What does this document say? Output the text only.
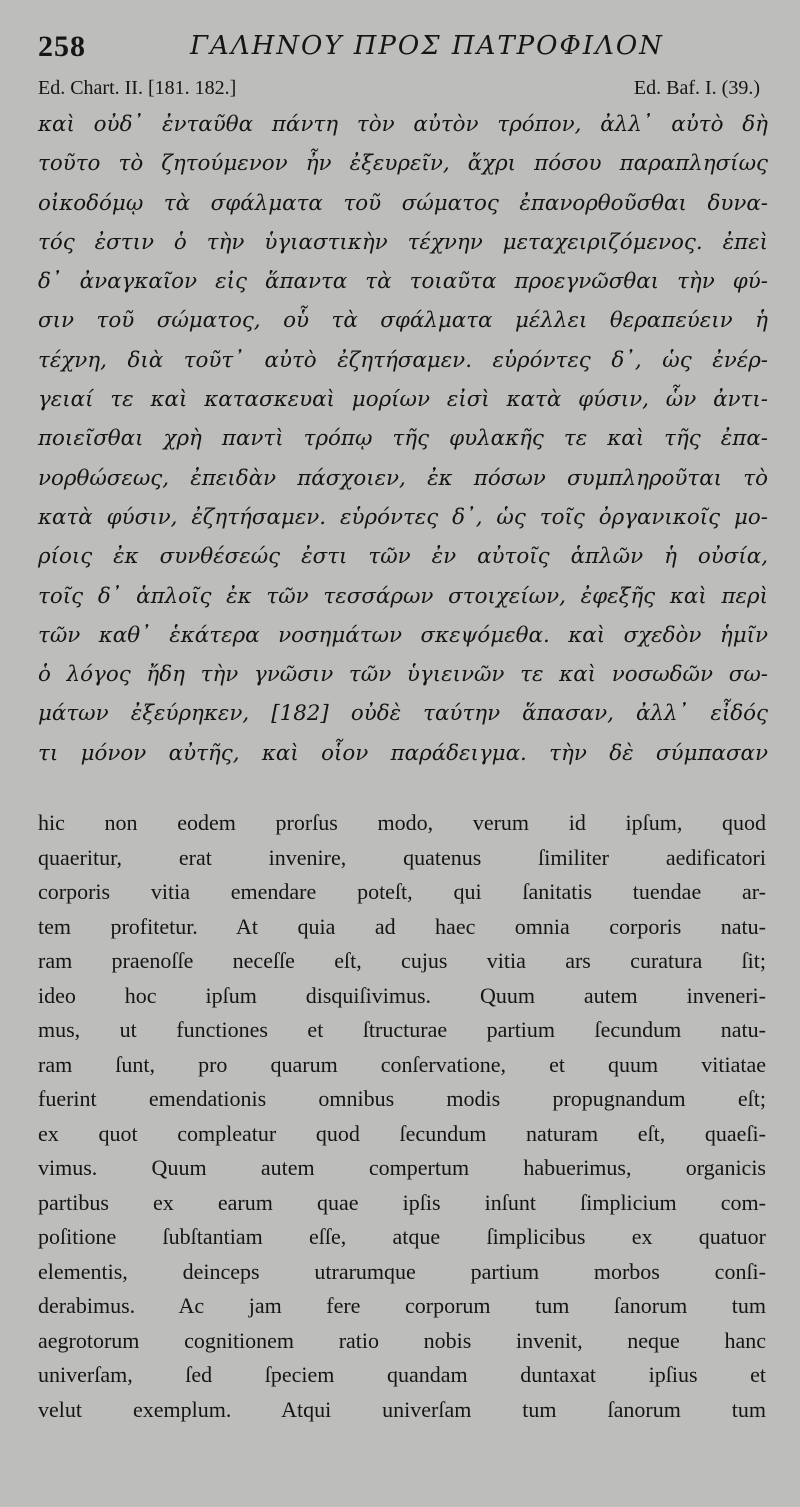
258	ΓΑΛΗΝΟΥ ΠΡΟΣ ΠΑΤΡΟΦΙΛΟΝ
Ed. Chart. II. [181. 182.]	Ed. Baf. I. (39.)
καὶ οὐδ᾽ ἐνταῦθα πάντη τὸν αὐτὸν τρόπον, ἀλλ᾽ αὐτὸ δὴ
τοῦτο τὸ ζητούμενον ἦν ἐξευρεῖν, ἄχρι πόσου παραπλησίως
οἰκοδόμῳ τὰ σφάλματα τοῦ σώματος ἐπανορθοῦσθαι δυνα-
τός ἐστιν ὁ τὴν ὑγιαστικὴν τέχνην μεταχειριζόμενος. ἐπεὶ
δ᾽ ἀναγκαῖον εἰς ἅπαντα τὰ τοιαῦτα προεγνῶσθαι τὴν φύ-
σιν τοῦ σώματος, οὗ τὰ σφάλματα μέλλει θεραπεύειν ἡ
τέχνη, διὰ τοῦτ᾽ αὐτὸ ἐζητήσαμεν. εὑρόντες δ᾽, ὡς ἐνέρ-
γειαί τε καὶ κατασκευαὶ μορίων εἰσὶ κατὰ φύσιν, ὧν ἀντι-
ποιεῖσθαι χρὴ παντὶ τρόπῳ τῆς φυλακῆς τε καὶ τῆς ἐπα-
νορθώσεως, ἐπειδὰν πάσχοιεν, ἐκ πόσων συμπληροῦται τὸ
κατὰ φύσιν, ἐζητήσαμεν. εὑρόντες δ᾽, ὡς τοῖς ὀργανικοῖς μο-
ρίοις ἐκ συνθέσεώς ἐστι τῶν ἐν αὐτοῖς ἁπλῶν ἡ οὐσία,
τοῖς δ᾽ ἁπλοῖς ἐκ τῶν τεσσάρων στοιχείων, ἐφεξῆς καὶ περὶ
τῶν καθ᾽ ἑκάτερα νοσημάτων σκεψόμεθα. καὶ σχεδὸν ἡμῖν
ὁ λόγος ἤδη τὴν γνῶσιν τῶν ὑγιεινῶν τε καὶ νοσωδῶν σω-
μάτων ἐξεύρηκεν, [182] οὐδὲ ταύτην ἅπασαν, ἀλλ᾽ εἶδός
τι μόνον αὐτῆς, καὶ οἷον παράδειγμα. τὴν δὲ σύμπασαν
hic non eodem prorſus modo, verum id ipſum, quod
quaeritur, erat invenire, quatenus ſimiliter aedificatori
corporis vitia emendare poteſt, qui ſanitatis tuendae ar-
tem profitetur. At quia ad haec omnia corporis natu-
ram praenoſſe neceſſe eſt, cujus vitia ars curatura ſit;
ideo hoc ipſum disquiſivimus. Quum autem inveneri-
mus, ut functiones et ſtructurae partium ſecundum natu-
ram ſunt, pro quarum conſervatione, et quum vitiatae
fuerint emendationis omnibus modis propugnandum eſt;
ex quot compleatur quod ſecundum naturam eſt, quaeſi-
vimus. Quum autem compertum habuerimus, organicis
partibus ex earum quae ipſis inſunt ſimplicium com-
poſitione ſubſtantiam eſſe, atque ſimplicibus ex quatuor
elementis, deinceps utrarumque partium morbos conſi-
derabimus. Ac jam fere corporum tum ſanorum tum
aegrotorum cognitionem ratio nobis invenit, neque hanc
univerſam, ſed ſpeciem quandam duntaxat ipſius et
velut exemplum. Atqui univerſam tum ſanorum tum
